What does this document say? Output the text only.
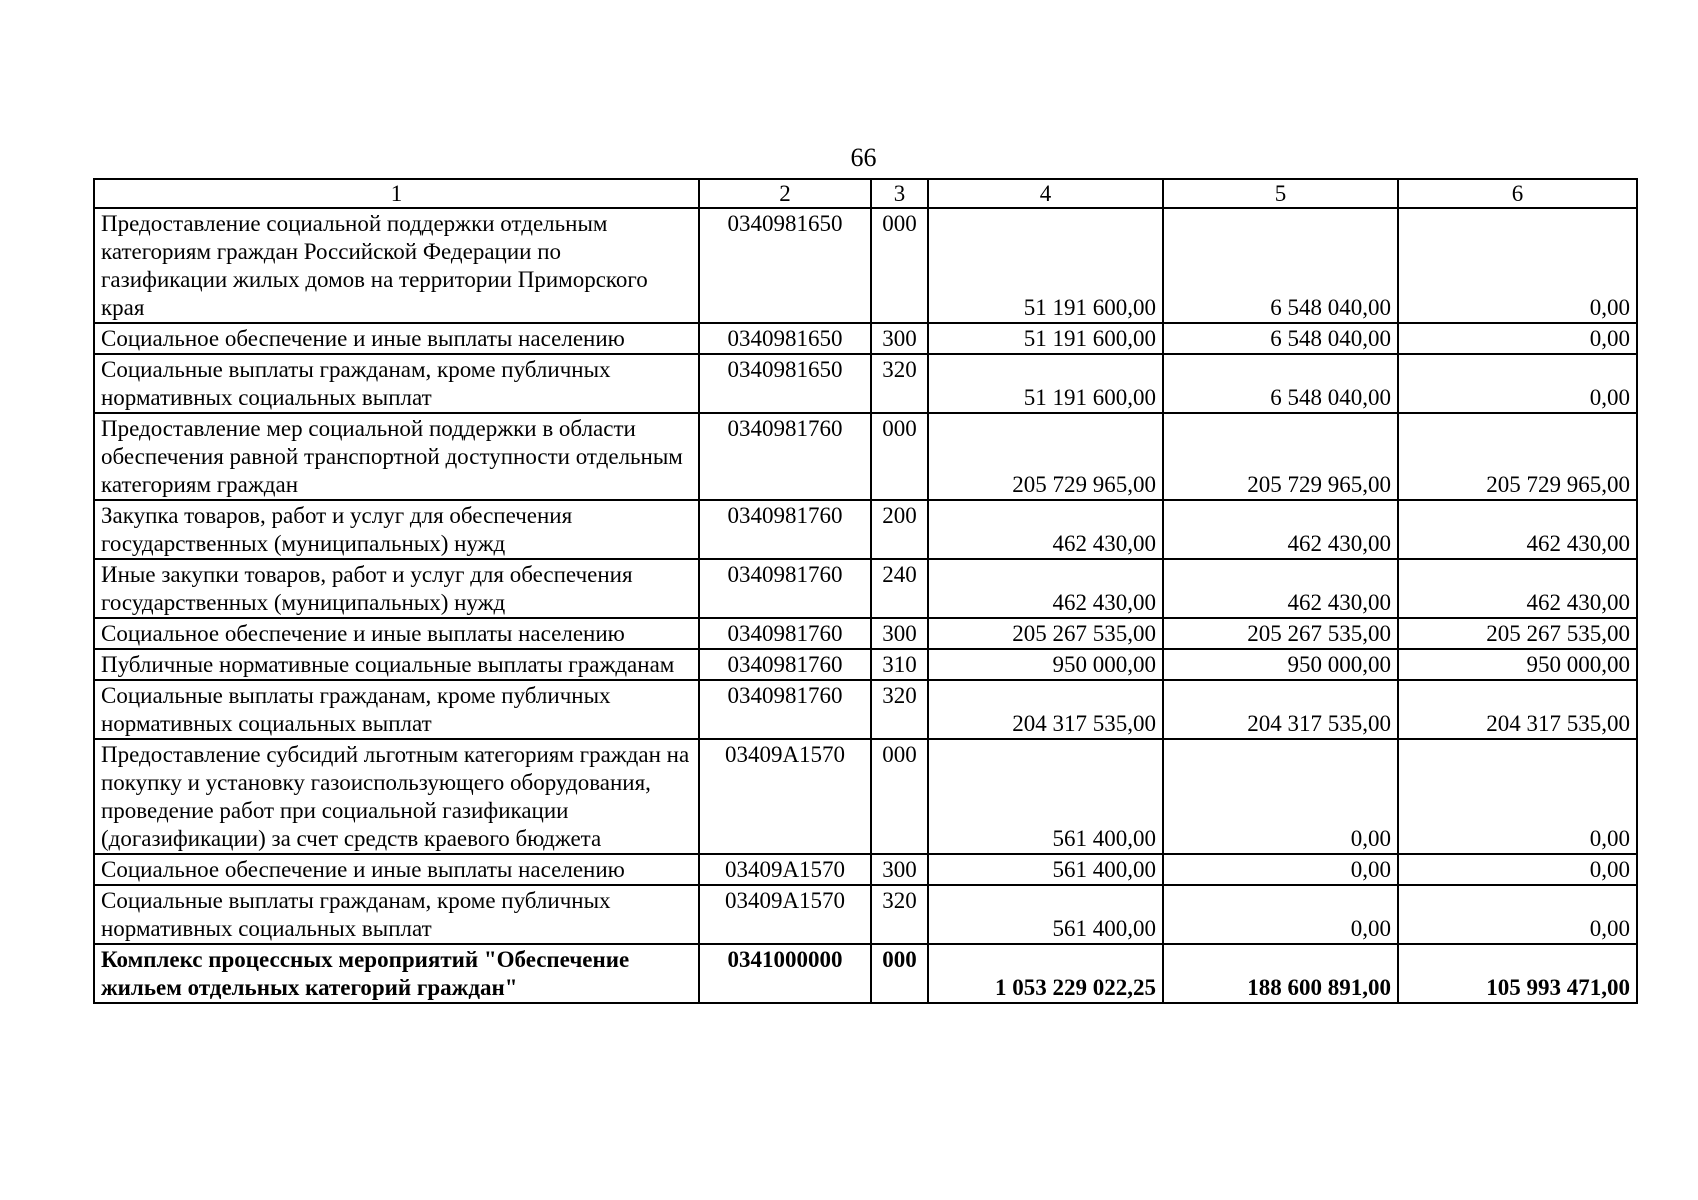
66
1	2	3	4	5	6
Предоставление социальной поддержки отдельным категориям граждан Российской Федерации по газификации жилых домов на территории Приморского края	0340981650	000	51 191 600,00	6 548 040,00	0,00
Социальное обеспечение и иные выплаты населению	0340981650	300	51 191 600,00	6 548 040,00	0,00
Социальные выплаты гражданам, кроме публичных нормативных социальных выплат	0340981650	320	51 191 600,00	6 548 040,00	0,00
Предоставление мер социальной поддержки в области обеспечения равной транспортной доступности отдельным категориям граждан	0340981760	000	205 729 965,00	205 729 965,00	205 729 965,00
Закупка товаров, работ и услуг для обеспечения государственных (муниципальных) нужд	0340981760	200	462 430,00	462 430,00	462 430,00
Иные закупки товаров, работ и услуг для обеспечения государственных (муниципальных) нужд	0340981760	240	462 430,00	462 430,00	462 430,00
Социальное обеспечение и иные выплаты населению	0340981760	300	205 267 535,00	205 267 535,00	205 267 535,00
Публичные нормативные социальные выплаты гражданам	0340981760	310	950 000,00	950 000,00	950 000,00
Социальные выплаты гражданам, кроме публичных нормативных социальных выплат	0340981760	320	204 317 535,00	204 317 535,00	204 317 535,00
Предоставление субсидий льготным категориям граждан на покупку и установку газоиспользующего оборудования, проведение работ при социальной газификации (догазификации) за счет средств краевого бюджета	03409A1570	000	561 400,00	0,00	0,00
Социальное обеспечение и иные выплаты населению	03409A1570	300	561 400,00	0,00	0,00
Социальные выплаты гражданам, кроме публичных нормативных социальных выплат	03409A1570	320	561 400,00	0,00	0,00
Комплекс процессных мероприятий "Обеспечение жильем отдельных категорий граждан"	0341000000	000	1 053 229 022,25	188 600 891,00	105 993 471,00
